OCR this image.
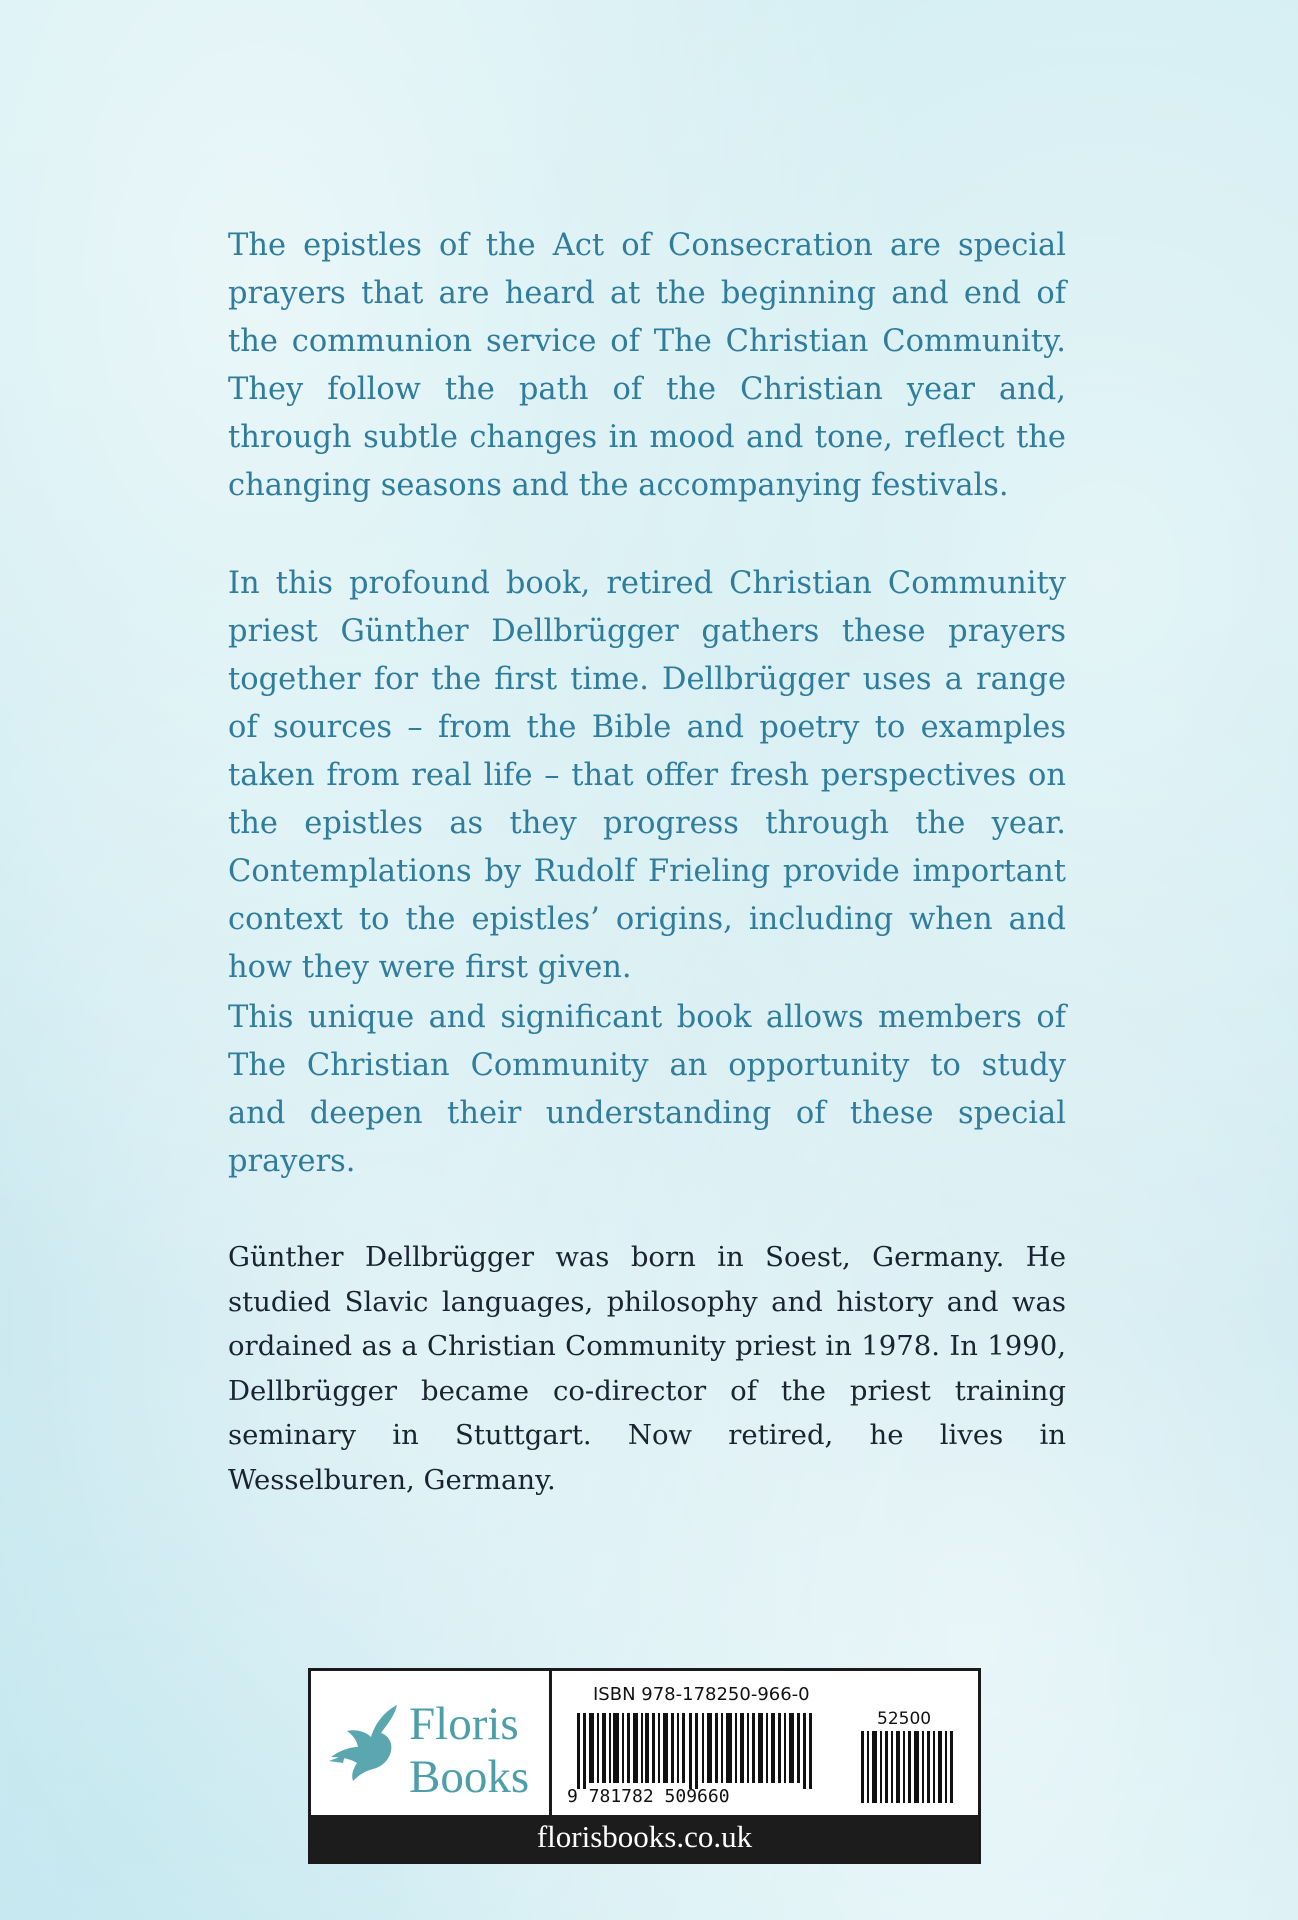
The epistles of the Act of Consecration are special prayers that are heard at the beginning and end of the communion service of The Christian Community. They follow the path of the Christian year and, through subtle changes in mood and tone, reflect the changing seasons and the accompanying festivals.

In this profound book, retired Christian Community priest Günther Dellbrügger gathers these prayers together for the first time. Dellbrügger uses a range of sources – from the Bible and poetry to examples taken from real life – that offer fresh perspectives on the epistles as they progress through the year. Contemplations by Rudolf Frieling provide important context to the epistles’ origins, including when and how they were first given.

This unique and significant book allows members of The Christian Community an opportunity to study and deepen their understanding of these special prayers.

Günther Dellbrügger was born in Soest, Germany. He studied Slavic languages, philosophy and history and was ordained as a Christian Community priest in 1978. In 1990, Dellbrügger became co-director of the priest training seminary in Stuttgart. Now retired, he lives in Wesselburen, Germany.

Floris
Books
ISBN 978-178250-966-0
9 781782 509660
52500
florisbooks.co.uk
